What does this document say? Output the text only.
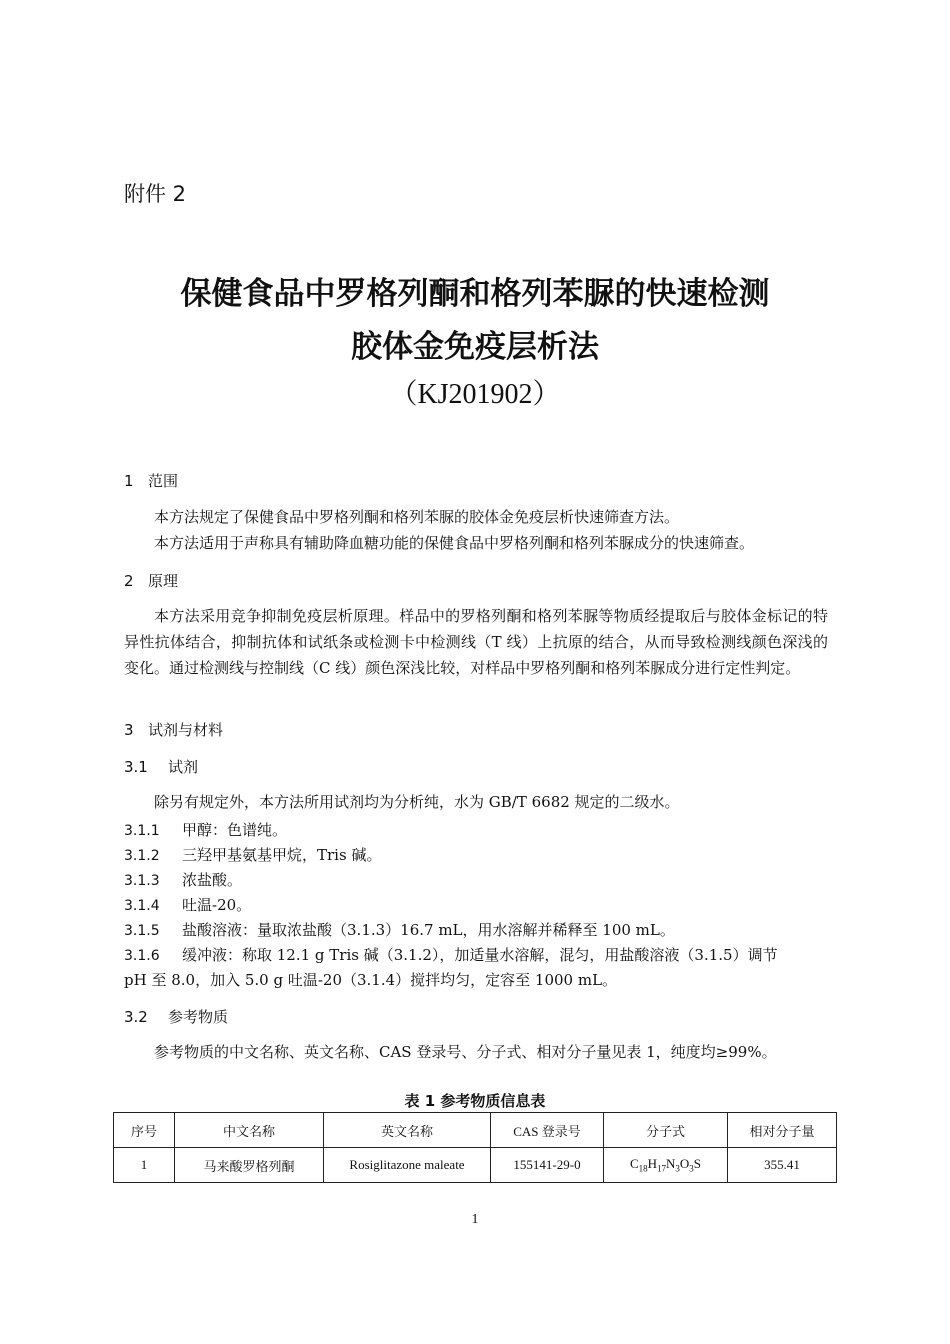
附件 2
保健食品中罗格列酮和格列苯脲的快速检测
胶体金免疫层析法
（KJ201902）
1 范围
本方法规定了保健食品中罗格列酮和格列苯脲的胶体金免疫层析快速筛查方法。
本方法适用于声称具有辅助降血糖功能的保健食品中罗格列酮和格列苯脲成分的快速筛查。
2 原理
本方法采用竞争抑制免疫层析原理。样品中的罗格列酮和格列苯脲等物质经提取后与胶体金标记的特异性抗体结合，抑制抗体和试纸条或检测卡中检测线（T 线）上抗原的结合，从而导致检测线颜色深浅的变化。通过检测线与控制线（C 线）颜色深浅比较，对样品中罗格列酮和格列苯脲成分进行定性判定。
3 试剂与材料
3.1 试剂
除另有规定外，本方法所用试剂均为分析纯，水为 GB/T 6682 规定的二级水。
3.1.1 甲醇：色谱纯。
3.1.2 三羟甲基氨基甲烷，Tris 碱。
3.1.3 浓盐酸。
3.1.4 吐温-20。
3.1.5 盐酸溶液：量取浓盐酸（3.1.3）16.7 mL，用水溶解并稀释至 100 mL。
3.1.6 缓冲液：称取 12.1 g Tris 碱（3.1.2），加适量水溶解，混匀，用盐酸溶液（3.1.5）调节
pH 至 8.0，加入 5.0 g 吐温-20（3.1.4）搅拌均匀，定容至 1000 mL。
3.2 参考物质
参考物质的中文名称、英文名称、CAS 登录号、分子式、相对分子量见表 1，纯度均≥99%。
表 1 参考物质信息表
序号	中文名称	英文名称	CAS 登录号	分子式	相对分子量
1	马来酸罗格列酮	Rosiglitazone maleate	155141-29-0	$C_{18}H_{17}N_3O_3S$	355.41
1
